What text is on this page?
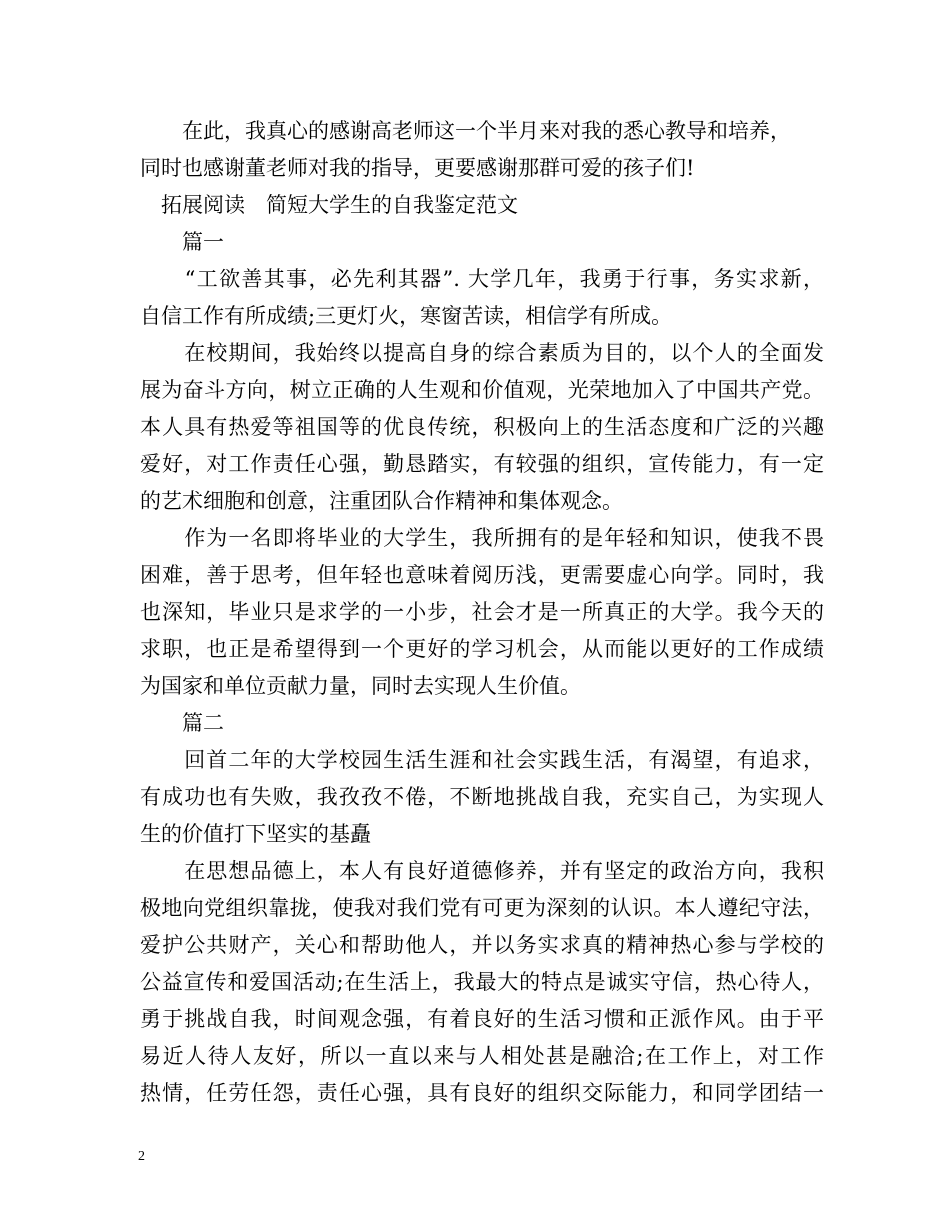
　　在此，我真心的感谢高老师这一个半月来对我的悉心教导和培养，
同时也感谢董老师对我的指导，更要感谢那群可爱的孩子们!
　拓展阅读　简短大学生的自我鉴定范文
　　篇一
　　“工欲善其事，必先利其器”. 大学几年，我勇于行事，务实求新，
自信工作有所成绩;三更灯火，寒窗苦读，相信学有所成。
　　在校期间，我始终以提高自身的综合素质为目的，以个人的全面发
展为奋斗方向，树立正确的人生观和价值观，光荣地加入了中国共产党。
本人具有热爱等祖国等的优良传统，积极向上的生活态度和广泛的兴趣
爱好，对工作责任心强，勤恳踏实，有较强的组织，宣传能力，有一定
的艺术细胞和创意，注重团队合作精神和集体观念。
　　作为一名即将毕业的大学生，我所拥有的是年轻和知识，使我不畏
困难，善于思考，但年轻也意味着阅历浅，更需要虚心向学。同时，我
也深知，毕业只是求学的一小步，社会才是一所真正的大学。我今天的
求职，也正是希望得到一个更好的学习机会，从而能以更好的工作成绩
为国家和单位贡献力量，同时去实现人生价值。
　　篇二
　　回首二年的大学校园生活生涯和社会实践生活，有渴望，有追求，
有成功也有失败，我孜孜不倦，不断地挑战自我，充实自己，为实现人
生的价值打下坚实的基矗
　　在思想品德上，本人有良好道德修养，并有坚定的政治方向，我积
极地向党组织靠拢，使我对我们党有可更为深刻的认识。本人遵纪守法，
爱护公共财产，关心和帮助他人，并以务实求真的精神热心参与学校的
公益宣传和爱国活动;在生活上，我最大的特点是诚实守信，热心待人，
勇于挑战自我，时间观念强，有着良好的生活习惯和正派作风。由于平
易近人待人友好，所以一直以来与人相处甚是融洽;在工作上，对工作
热情，任劳任怨，责任心强，具有良好的组织交际能力，和同学团结一
2
